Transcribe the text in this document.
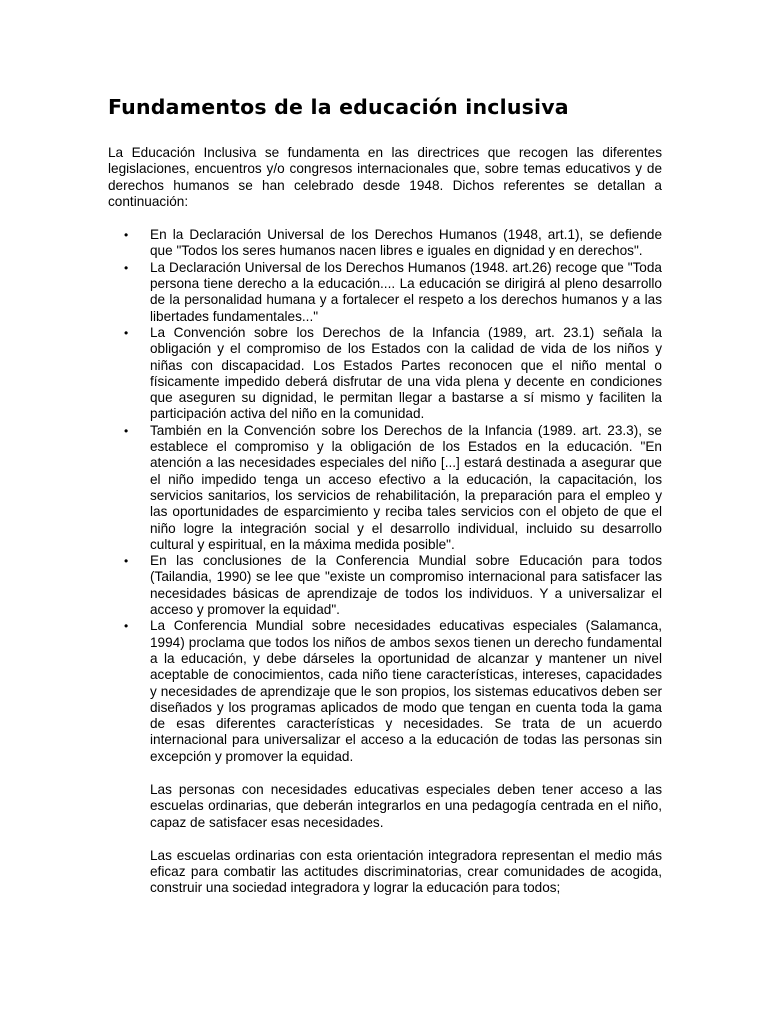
Fundamentos de la educación inclusiva

La Educación Inclusiva se fundamenta en las directrices que recogen las diferentes legislaciones, encuentros y/o congresos internacionales que, sobre temas educativos y de derechos humanos se han celebrado desde 1948. Dichos referentes se detallan a continuación:

• En la Declaración Universal de los Derechos Humanos (1948, art.1), se defiende que "Todos los seres humanos nacen libres e iguales en dignidad y en derechos".
• La Declaración Universal de los Derechos Humanos (1948. art.26) recoge que "Toda persona tiene derecho a la educación.... La educación se dirigirá al pleno desarrollo de la personalidad humana y a fortalecer el respeto a los derechos humanos y a las libertades fundamentales..."
• La Convención sobre los Derechos de la Infancia (1989, art. 23.1) señala la obligación y el compromiso de los Estados con la calidad de vida de los niños y niñas con discapacidad. Los Estados Partes reconocen que el niño mental o físicamente impedido deberá disfrutar de una vida plena y decente en condiciones que aseguren su dignidad, le permitan llegar a bastarse a sí mismo y faciliten la participación activa del niño en la comunidad.
• También en la Convención sobre los Derechos de la Infancia (1989. art. 23.3), se establece el compromiso y la obligación de los Estados en la educación. "En atención a las necesidades especiales del niño [...] estará destinada a asegurar que el niño impedido tenga un acceso efectivo a la educación, la capacitación, los servicios sanitarios, los servicios de rehabilitación, la preparación para el empleo y las oportunidades de esparcimiento y reciba tales servicios con el objeto de que el niño logre la integración social y el desarrollo individual, incluido su desarrollo cultural y espiritual, en la máxima medida posible".
• En las conclusiones de la Conferencia Mundial sobre Educación para todos (Tailandia, 1990) se lee que "existe un compromiso internacional para satisfacer las necesidades básicas de aprendizaje de todos los individuos. Y a universalizar el acceso y promover la equidad".
• La Conferencia Mundial sobre necesidades educativas especiales (Salamanca, 1994) proclama que todos los niños de ambos sexos tienen un derecho fundamental a la educación, y debe dárseles la oportunidad de alcanzar y mantener un nivel aceptable de conocimientos, cada niño tiene características, intereses, capacidades y necesidades de aprendizaje que le son propios, los sistemas educativos deben ser diseñados y los programas aplicados de modo que tengan en cuenta toda la gama de esas diferentes características y necesidades. Se trata de un acuerdo internacional para universalizar el acceso a la educación de todas las personas sin excepción y promover la equidad.

Las personas con necesidades educativas especiales deben tener acceso a las escuelas ordinarias, que deberán integrarlos en una pedagogía centrada en el niño, capaz de satisfacer esas necesidades.

Las escuelas ordinarias con esta orientación integradora representan el medio más eficaz para combatir las actitudes discriminatorias, crear comunidades de acogida, construir una sociedad integradora y lograr la educación para todos;
